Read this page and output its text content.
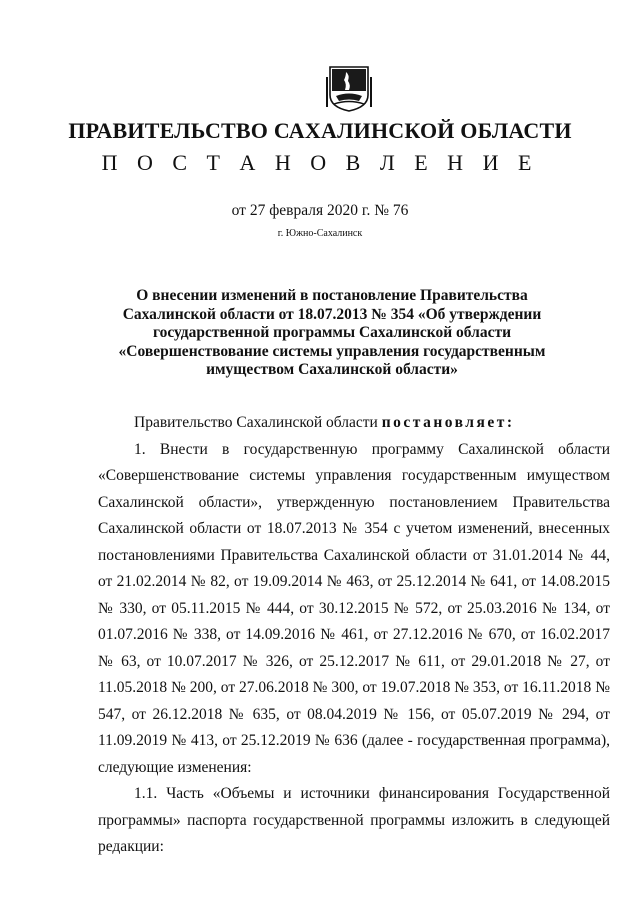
ПРАВИТЕЛЬСТВО САХАЛИНСКОЙ ОБЛАСТИ

П О С Т А Н О В Л Е Н И Е

от 27 февраля 2020 г. № 76

г. Южно-Сахалинск

О внесении изменений в постановление Правительства
Сахалинской области от 18.07.2013 № 354 «Об утверждении
государственной программы Сахалинской области
«Совершенствование системы управления государственным
имуществом Сахалинской области»

Правительство Сахалинской области постановляет:

1. Внести в государственную программу Сахалинской области «Совершенствование системы управления государственным имуществом Сахалинской области», утвержденную постановлением Правительства Сахалинской области от 18.07.2013 № 354 с учетом изменений, внесенных постановлениями Правительства Сахалинской области от 31.01.2014 № 44, от 21.02.2014 № 82, от 19.09.2014 № 463, от 25.12.2014 № 641, от 14.08.2015 № 330, от 05.11.2015 № 444, от 30.12.2015 № 572, от 25.03.2016 № 134, от 01.07.2016 № 338, от 14.09.2016 № 461, от 27.12.2016 № 670, от 16.02.2017 № 63, от 10.07.2017 № 326, от 25.12.2017 № 611, от 29.01.2018 № 27, от 11.05.2018 № 200, от 27.06.2018 № 300, от 19.07.2018 № 353, от 16.11.2018 № 547, от 26.12.2018 № 635, от 08.04.2019 № 156, от 05.07.2019 № 294, от 11.09.2019 № 413, от 25.12.2019 № 636 (далее - государственная программа), следующие изменения:

1.1. Часть «Объемы и источники финансирования Государственной программы» паспорта государственной программы изложить в следующей редакции:
